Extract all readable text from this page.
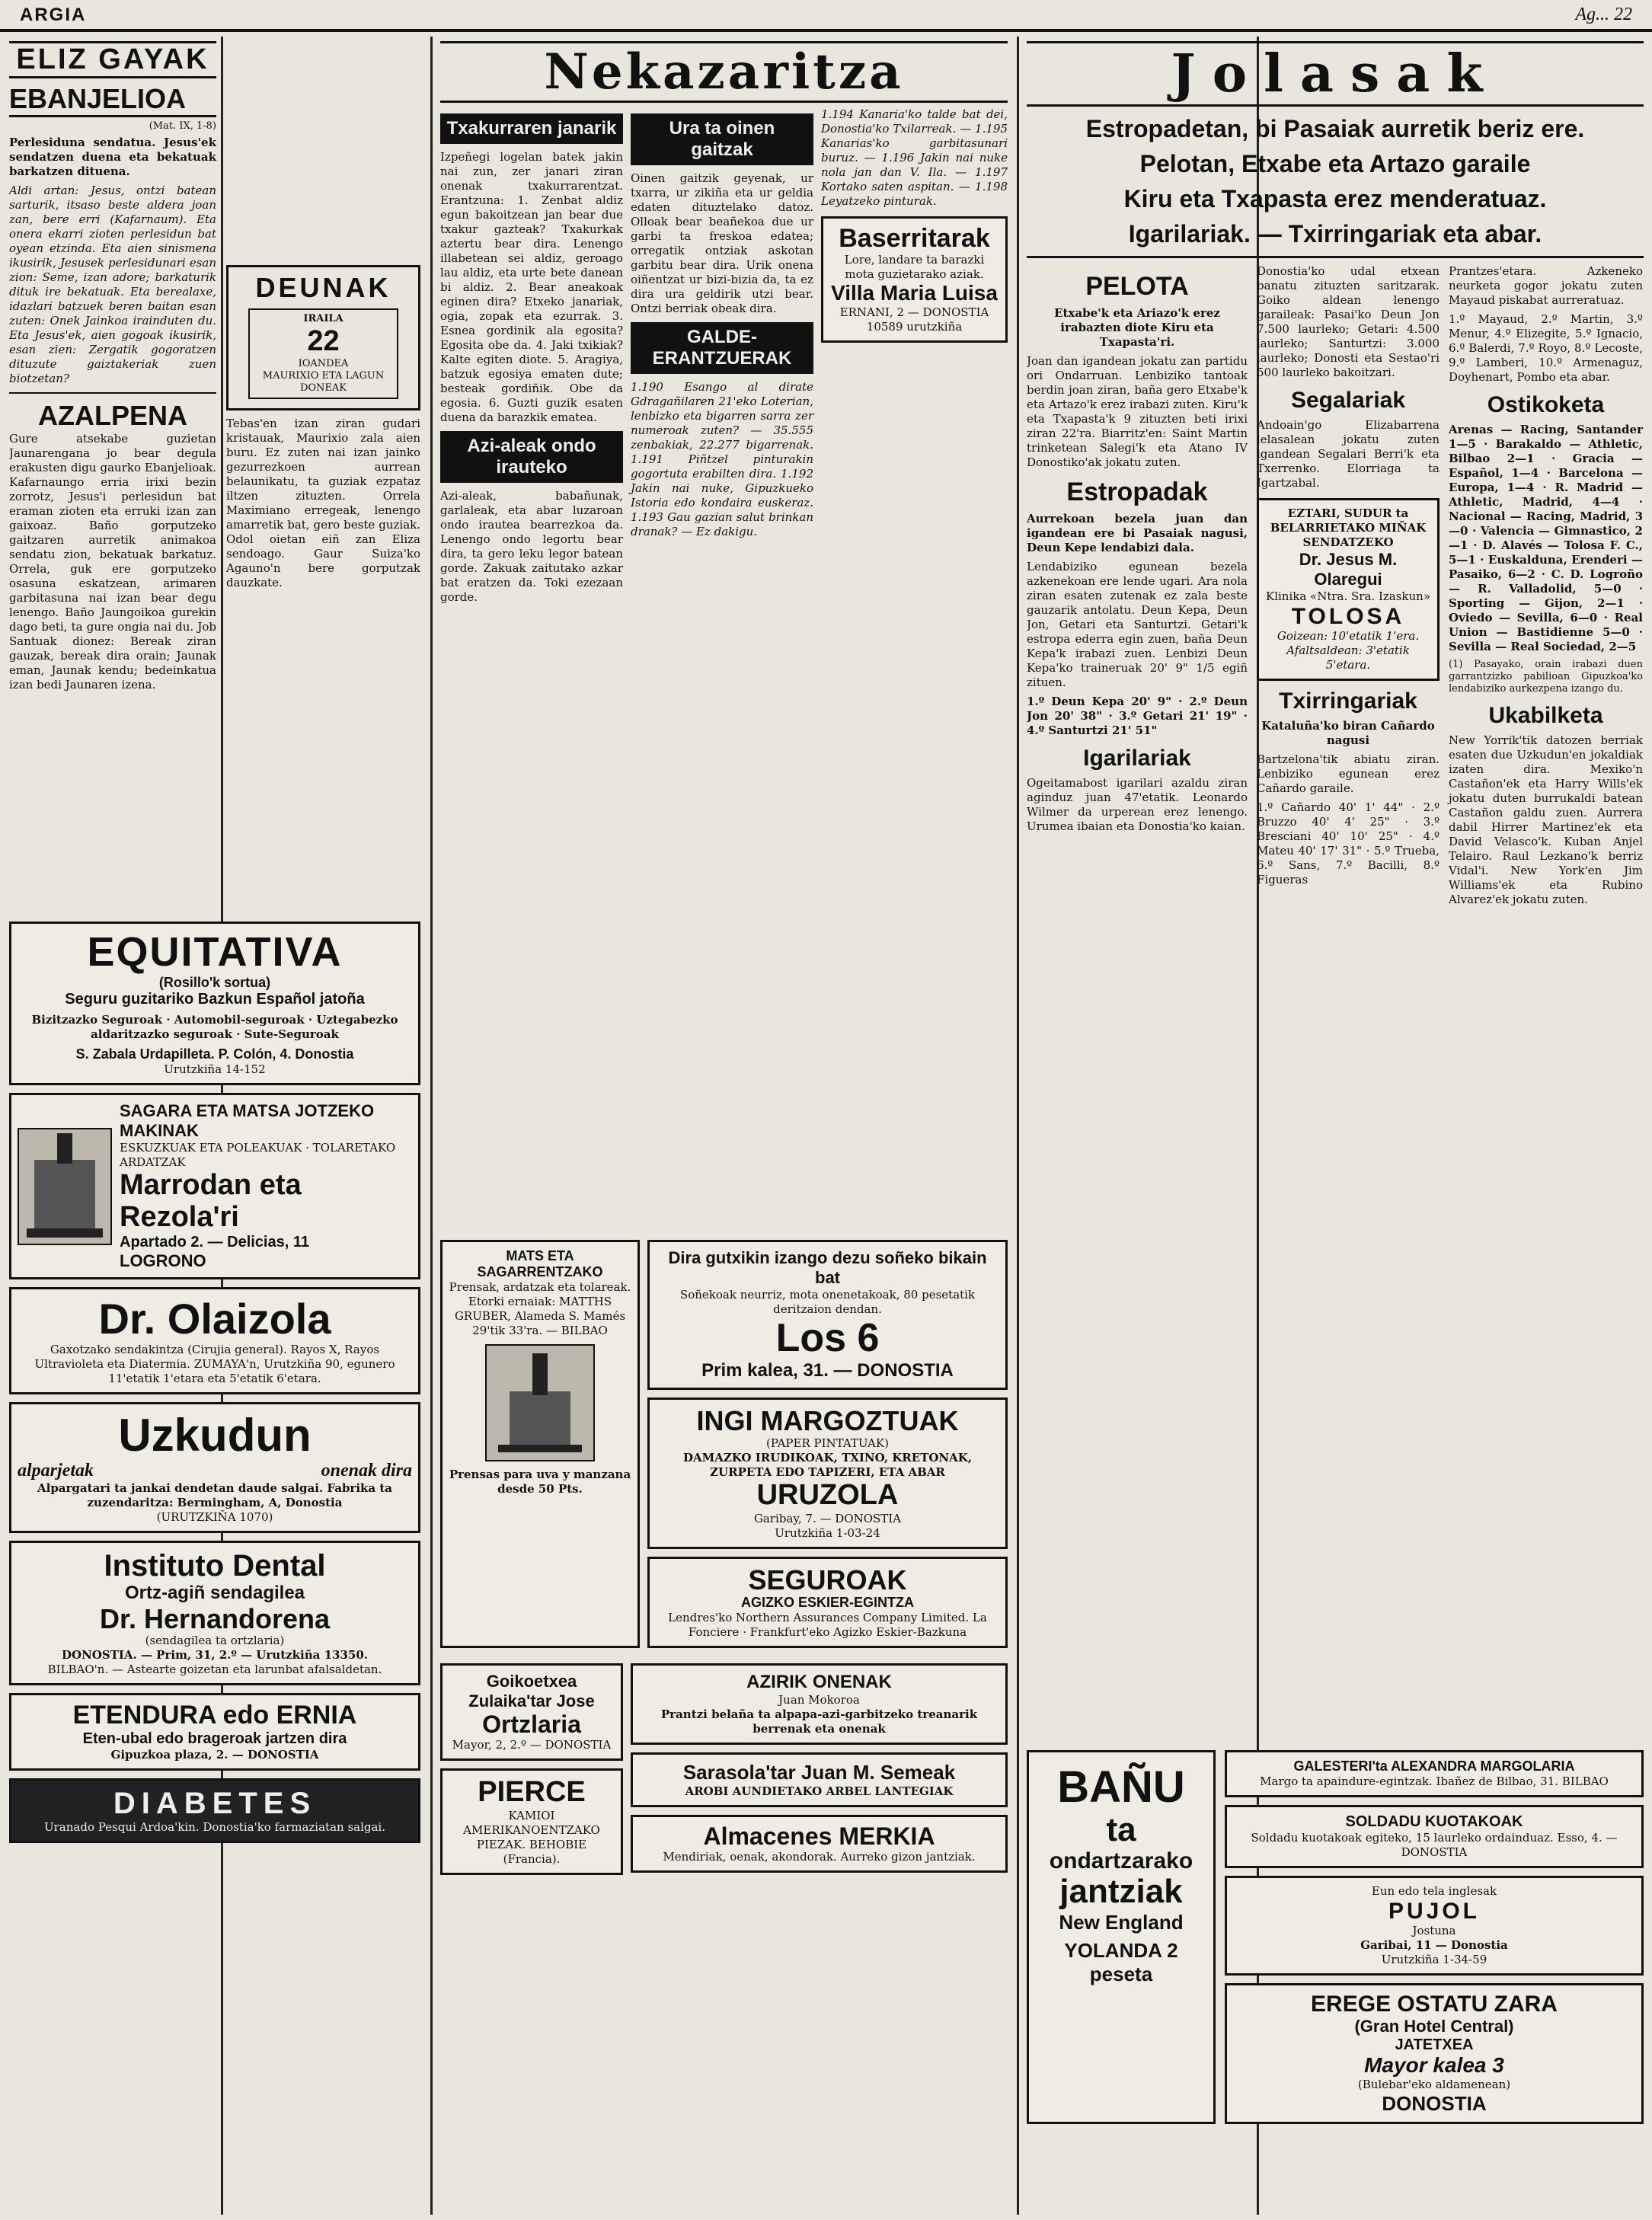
ARGIA	Ag... 22
ELIZ GAYAK
EBANJELIOA
(Mat. IX, 1-8)

Perlesiduna sendatua. Jesus'ek sendatzen duena eta bekatuak barkatzen dituena.

Aldi artan: Jesus, ontzi batean sarturik, itsaso beste aldera joan zan, bere erri (Kafarnaum). Eta onera ekarri zioten perlesidun bat oyean etzinda. Eta aien sinismena ikusirik, Jesusek perlesidunari esan zion: Seme, izan adore; barkaturik dituk ire bekatuak. Eta berealaxe, idazlari batzuek beren baitan esan zuten: Onek Jainkoa irainduten du. Eta Jesus'ek, aien gogoak ikusirik, esan zien: Zergatik gogoratzen dituzute gaiztakeriak zuen biotzetan?

AZALPENA

Gure atsekabe guzietan Jaunarengana jo bear degula erakusten digu gaurko Ebanjelioak. Kafarnaungo erria irixi bezin zorrotz, Jesus'i perlesidun bat eraman zioten eta erruki izan zan gaixoaz. Baño gorputzeko gaitzaren aurretik animakoa sendatu zion, bekatuak barkatuz. Orrela, guk ere gorputzeko osasuna eskatzean, arimaren garbitasuna nai izan bear degu lenengo. Baño Jaungoikoa gurekin dago beti, ta gure ongia nai du. Job Santuak dionez: Bereak ziran gauzak, bereak dira orain; Jaunak eman, Jaunak kendu; bedeinkatua izan bedi Jaunaren izena.

DEUNAK
IRAILA
22
IOANDEA
MAURIXIO ETA LAGUN DONEAK

Tebas'en izan ziran gudari kristauak, Maurixio zala aien buru. Ez zuten nai izan jainko gezurrezkoen aurrean belaunikatu, ta guziak ezpataz iltzen zituzten. Orrela Maximiano erregeak, lenengo amarretik bat, gero beste guziak. Odol oietan eiñ zan Eliza sendoago. Gaur Suiza'ko Agauno'n bere gorputzak dauzkate.

EQUITATIVA
(Rosillo'k sortua)
Seguru guzitariko Bazkun Español jatoña
Bizitzazko Seguroak · Automobil-seguroak · Uztegabezko aldaritzazko seguroak · Sute-Seguroak
S. Zabala Urdapilleta. P. Colón, 4. Donostia
Urutzkiña 14-152
SAGARA ETA MATSA JOTZEKO MAKINAK
ESKUZKUAK ETA POLEAKUAK · TOLARETAKO ARDATZAK
Marrodan eta Rezola'ri
Apartado 2. — Delicias, 11
LOGRONO
Dr. Olaizola
Gaxotzako sendakintza (Cirujia general). Rayos X, Rayos Ultravioleta eta Diatermia. ZUMAYA'n, Urutzkiña 90, egunero 11'etatik 1'etara eta 5'etatik 6'etara.
Uzkudun
alparjetak	onenak dira
Alpargatari ta jankai dendetan daude salgai. Fabrika ta zuzendaritza: Bermingham, A, Donostia
(URUTZKIÑA 1070)
Instituto Dental
Ortz-agiñ sendagilea
Dr. Hernandorena
(sendagilea ta ortzlaria)
DONOSTIA. — Prim, 31, 2.º — Urutzkiña 13350.
BILBAO'n. — Astearte goizetan eta larunbat afalsaldetan.
ETENDURA edo ERNIA
Eten-ubal edo brageroak jartzen dira
Gipuzkoa plaza, 2. — DONOSTIA
DIABETES
Uranado Pesqui Ardoa'kin. Donostia'ko farmaziatan salgai.
Nekazaritza
Txakurraren janarik

Izpeñegi logelan batek jakin nai zun, zer janari ziran onenak txakurrarentzat. Erantzuna: 1. Zenbat aldiz egun bakoitzean jan bear due txakur gazteak? Txakurkak aztertu bear dira. Lenengo illabetean sei aldiz, geroago lau aldiz, eta urte bete danean bi aldiz. 2. Bear aneakoak eginen dira? Etxeko janariak, ogia, zopak eta ezurrak. 3. Esnea gordinik ala egosita? Egosita obe da. 4. Jaki txikiak? Kalte egiten diote. 5. Aragiya, batzuk egosiya ematen dute; besteak gordiñik. Obe da egosia. 6. Guzti guzik esaten duena da barazkik ematea.

Azi-aleak ondo irauteko

Azi-aleak, babañunak, garlaleak, eta abar luzaroan ondo irautea bearrezkoa da. Lenengo ondo legortu bear dira, ta gero leku legor batean gorde. Zakuak zaitutako azkar bat eratzen da. Toki ezezaan gorde.

Ura ta oinen gaitzak

Oinen gaitzik geyenak, ur txarra, ur zikiña eta ur geldia edaten dituztelako datoz. Olloak bear beañekoa due ur garbi ta freskoa edatea; orregatik ontziak askotan garbitu bear dira. Urik onena oiñentzat ur bizi-bizia da, ta ez dira ura geldirik utzi bear. Ontzi berriak obeak dira.

GALDE-ERANTZUERAK

1.190 Esango al dirate Gdragañilaren 21'eko Loterian, lenbizko eta bigarren sarra zer numeroak zuten? — 35.555 zenbakiak, 22.277 bigarrenak. 1.191 Piñtzel pinturakin gogortuta erabilten dira. 1.192 Jakin nai nuke, Gipuzkueko Istoria edo kondaira euskeraz. 1.193 Gau gazian salut brinkan dranak? — Ez dakigu.

1.194 Kanaria'ko talde bat dei, Donostia'ko Txilarreak. — 1.195 Kanarias'ko garbitasunari buruz. — 1.196 Jakin nai nuke nola jan dan V. Ila. — 1.197 Kortako saten aspitan. — 1.198 Leyatzeko pinturak.

Baserritarak
Lore, landare ta barazki mota guzietarako aziak.
Villa Maria Luisa
ERNANI, 2 — DONOSTIA
10589 urutzkiña
MATS ETA SAGARRENTZAKO
Prensak, ardatzak eta tolareak. Etorki ernaiak: MATTHS GRUBER, Alameda S. Mamés 29'tik 33'ra. — BILBAO
Prensas para uva y manzana desde 50 Pts.
Dira gutxikin izango dezu soñeko bikain bat
Soñekoak neurriz, mota onenetakoak, 80 pesetatik deritzaion dendan.
Los 6
Prim kalea, 31. — DONOSTIA
INGI MARGOZTUAK
(PAPER PINTATUAK)
DAMAZKO IRUDIKOAK, TXINO, KRETONAK, ZURPETA EDO TAPIZERI, ETA ABAR
URUZOLA
Garibay, 7. — DONOSTIA
Urutzkiña 1-03-24
SEGUROAK
AGIZKO ESKIER-EGINTZA
Lendres'ko Northern Assurances Company Limited. La Fonciere · Frankfurt'eko Agizko Eskier-Bazkuna
Goikoetxea Zulaika'tar Jose
Ortzlaria
Mayor, 2, 2.º — DONOSTIA
PIERCE
KAMIOI AMERIKANOENTZAKO PIEZAK. BEHOBIE (Francia).
AZIRIK ONENAK
Juan Mokoroa
Prantzi belaña ta alpapa-azi-garbitzeko treanarik berrenak eta onenak
Sarasola'tar Juan M. Semeak
AROBI AUNDIETAKO ARBEL LANTEGIAK
Almacenes MERKIA
Mendiriak, oenak, akondorak. Aurreko gizon jantziak.
Jolasak
Estropadetan, bi Pasaiak aurretik beriz ere.
Pelotan, Etxabe eta Artazo garaile
Kiru eta Txapasta erez menderatuaz.
Igarilariak. — Txirringariak eta abar.
PELOTA

Etxabe'k eta Ariazo'k erez irabazten diote Kiru eta Txapasta'ri.

Joan dan igandean jokatu zan partidu ori Ondarruan. Lenbiziko tantoak berdin joan ziran, baña gero Etxabe'k eta Artazo'k erez irabazi zuten. Kiru'k eta Txapasta'k 9 zituzten beti irixi ziran 22'ra. Biarritz'en: Saint Martin trinketean Salegi'k eta Atano IV Donostiko'ak jokatu zuten.

Estropadak

Aurrekoan bezela juan dan igandean ere bi Pasaiak nagusi, Deun Kepe lendabizi dala.

Lendabiziko egunean bezela azkenekoan ere lende ugari. Ara nola ziran esaten zutenak ez zala beste gauzarik antolatu. Deun Kepa, Deun Jon, Getari eta Santurtzi. Getari'k estropa ederra egin zuen, baña Deun Kepa'k irabazi zuen. Lenbizi Deun Kepa'ko traineruak 20' 9" 1/5 egiñ zituen.

1.º Deun Kepa 20' 9" · 2.º Deun Jon 20' 38" · 3.º Getari 21' 19" · 4.º Santurtzi 21' 51"

Igarilariak

Ogeitamabost igarilari azaldu ziran aginduz juan 47'etatik. Leonardo Wilmer da urperean erez lenengo. Urumea ibaian eta Donostia'ko kaian.

Donostia'ko udal etxean banatu zituzten saritzarak. Goiko aldean lenengo garaileak: Pasai'ko Deun Jon 7.500 laurleko; Getari: 4.500 laurleko; Santurtzi: 3.000 laurleko; Donosti eta Sestao'ri 500 laurleko bakoitzari.

Segalariak

Andoain'go Elizabarrena lelasalean jokatu zuten igandean Segalari Berri'k eta Txerrenko. Elorriaga ta Igartzabal.

EZTARI, SUDUR ta BELARRIETAKO MIÑAK SENDATZEKO
Dr. Jesus M. Olaregui
Klinika «Ntra. Sra. Izaskun»
TOLOSA
Goizean: 10'etatik 1'era. Afaltsaldean: 3'etatik 5'etara.
Txirringariak

Kataluña'ko biran Cañardo nagusi

Bartzelona'tik abiatu ziran. Lenbiziko egunean erez Cañardo garaile.

1.º Cañardo 40' 1' 44" · 2.º Bruzzo 40' 4' 25" · 3.º Bresciani 40' 10' 25" · 4.º Mateu 40' 17' 31" · 5.º Trueba, 6.º Sans, 7.º Bacilli, 8.º Figueras

Prantzes'etara. Azkeneko neurketa gogor jokatu zuten Mayaud piskabat aurreratuaz.

1.º Mayaud, 2.º Martin, 3.º Menur, 4.º Elizegite, 5.º Ignacio, 6.º Balerdi, 7.º Royo, 8.º Lecoste, 9.º Lamberi, 10.º Armenaguz, Doyhenart, Pombo eta abar.

Ostikoketa

Arenas — Racing, Santander 1—5 · Barakaldo — Athletic, Bilbao 2—1 · Gracia — Español, 1—4 · Barcelona — Europa, 1—4 · R. Madrid — Athletic, Madrid, 4—4 · Nacional — Racing, Madrid, 3—0 · Valencia — Gimnastico, 2—1 · D. Alavés — Tolosa F. C., 5—1 · Euskalduna, Erenderi — Pasaiko, 6—2 · C. D. Logroño — R. Valladolid, 5—0 · Sporting — Gijon, 2—1 · Oviedo — Sevilla, 6—0 · Real Union — Bastidienne 5—0 · Sevilla — Real Sociedad, 2—5

(1) Pasayako, orain irabazi duen garrantzizko pabilioan Gipuzkoa'ko lendabiziko aurkezpena izango du.

Ukabilketa

New Yorrik'tik datozen berriak esaten due Uzkudun'en jokaldiak izaten dira. Mexiko'n Castañon'ek eta Harry Wills'ek jokatu duten burrukaldi batean Castañon galdu zuen. Aurrera dabil Hirrer Martinez'ek eta David Velasco'k. Kuban Anjel Telairo. Raul Lezkano'k berriz Vidal'i. New York'en Jim Williams'ek eta Rubino Alvarez'ek jokatu zuten.

BAÑU
ta
ondartzarako
jantziak
New England
YOLANDA 2 peseta
GALESTERI'ta ALEXANDRA MARGOLARIA
Margo ta apaindure-egintzak. Ibañez de Bilbao, 31. BILBAO
SOLDADU KUOTAKOAK
Soldadu kuotakoak egiteko, 15 laurleko ordainduaz. Esso, 4. — DONOSTIA
Eun edo tela inglesak
PUJOL
Jostuna
Garibai, 11 — Donostia
Urutzkiña 1-34-59
EREGE OSTATU ZARA
(Gran Hotel Central)
JATETXEA
Mayor kalea 3
(Bulebar'eko aldamenean)
DONOSTIA
